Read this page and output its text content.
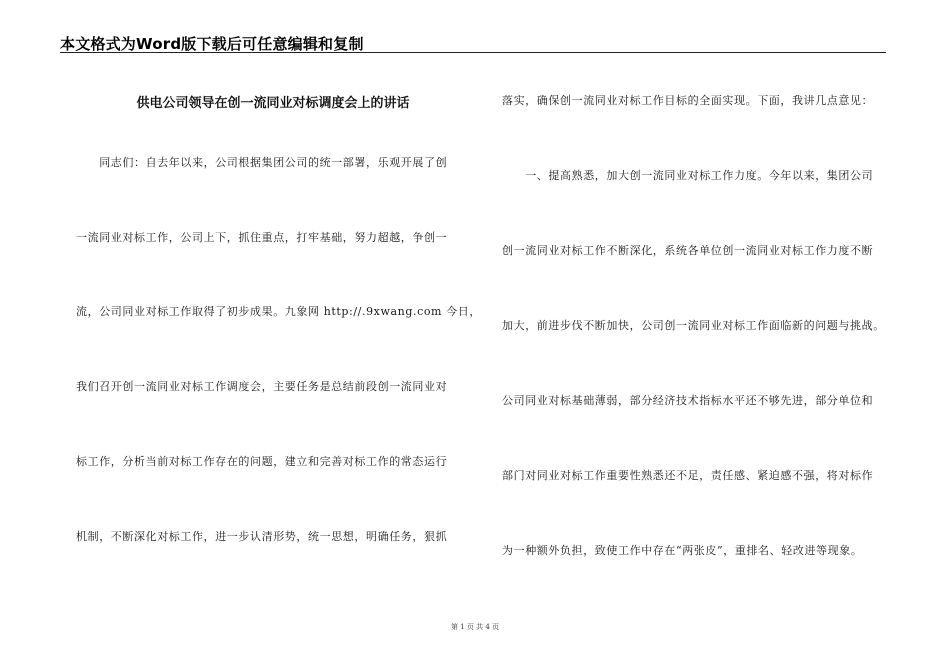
本文格式为Word版下载后可任意编辑和复制
供电公司领导在创一流同业对标调度会上的讲话
　　同志们：自去年以来，公司根据集团公司的统一部署，乐观开展了创
一流同业对标工作，公司上下，抓住重点，打牢基础，努力超越，争创一
流，公司同业对标工作取得了初步成果。九象网 http://.9xwang.com 今日，
我们召开创一流同业对标工作调度会，主要任务是总结前段创一流同业对
标工作，分析当前对标工作存在的问题，建立和完善对标工作的常态运行
机制，不断深化对标工作，进一步认清形势，统一思想，明确任务，狠抓
落实，确保创一流同业对标工作目标的全面实现。下面，我讲几点意见：
　　一、提高熟悉，加大创一流同业对标工作力度。今年以来，集团公司
创一流同业对标工作不断深化，系统各单位创一流同业对标工作力度不断
加大，前进步伐不断加快，公司创一流同业对标工作面临新的问题与挑战。
公司同业对标基础薄弱，部分经济技术指标水平还不够先进，部分单位和
部门对同业对标工作重要性熟悉还不足，责任感、紧迫感不强，将对标作
为一种额外负担，致使工作中存在“两张皮”，重排名、轻改进等现象。
第 1 页 共 4 页
